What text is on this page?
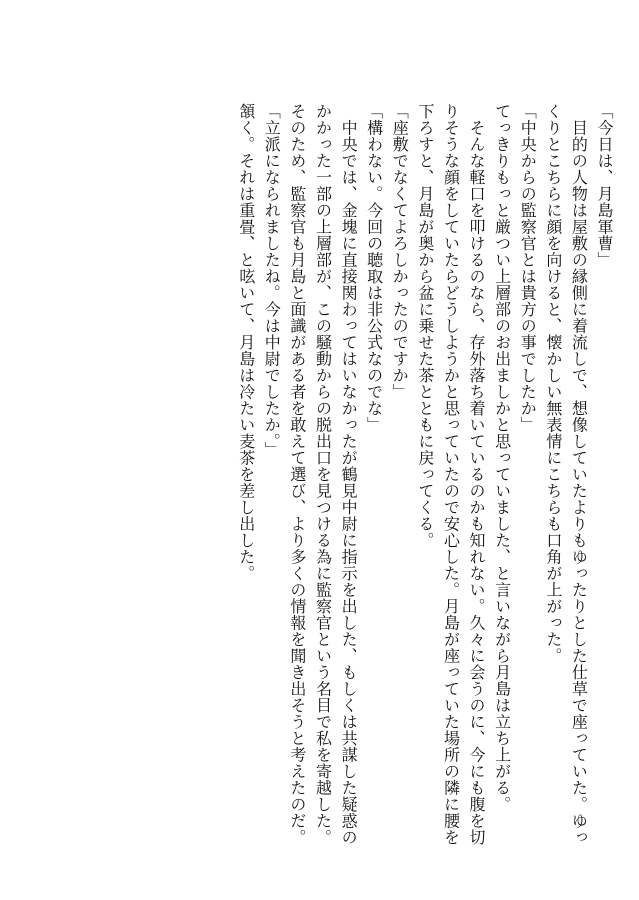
「今日は、月島軍曹」

　目的の人物は屋敷の縁側に着流しで、想像していたよりもゆったりとした仕草で座っていた。ゆっ

くりとこちらに顔を向けると、懐かしい無表情にこちらも口角が上がった。

「中央からの監察官とは貴方の事でしたか」

てっきりもっと厳つい上層部のお出ましかと思っていました、と言いながら月島は立ち上がる。

　そんな軽口を叩けるのなら、存外落ち着いているのかも知れない。久々に会うのに、今にも腹を切

りそうな顔をしていたらどうしようかと思っていたので安心した。月島が座っていた場所の隣に腰を

下ろすと、月島が奥から盆に乗せた茶とともに戻ってくる。

「座敷でなくてよろしかったのですか」

「構わない。今回の聴取は非公式なのでな」

　中央では、金塊に直接関わってはいなかったが鶴見中尉に指示を出した、もしくは共謀した疑惑の

かかった一部の上層部が、この騒動からの脱出口を見つける為に監察官という名目で私を寄越した。

そのため、監察官も月島と面識がある者を敢えて選び、より多くの情報を聞き出そうと考えたのだ。

「立派になられましたね。今は中尉でしたか。」

頷く。それは重畳、と呟いて、月島は冷たい麦茶を差し出した。
